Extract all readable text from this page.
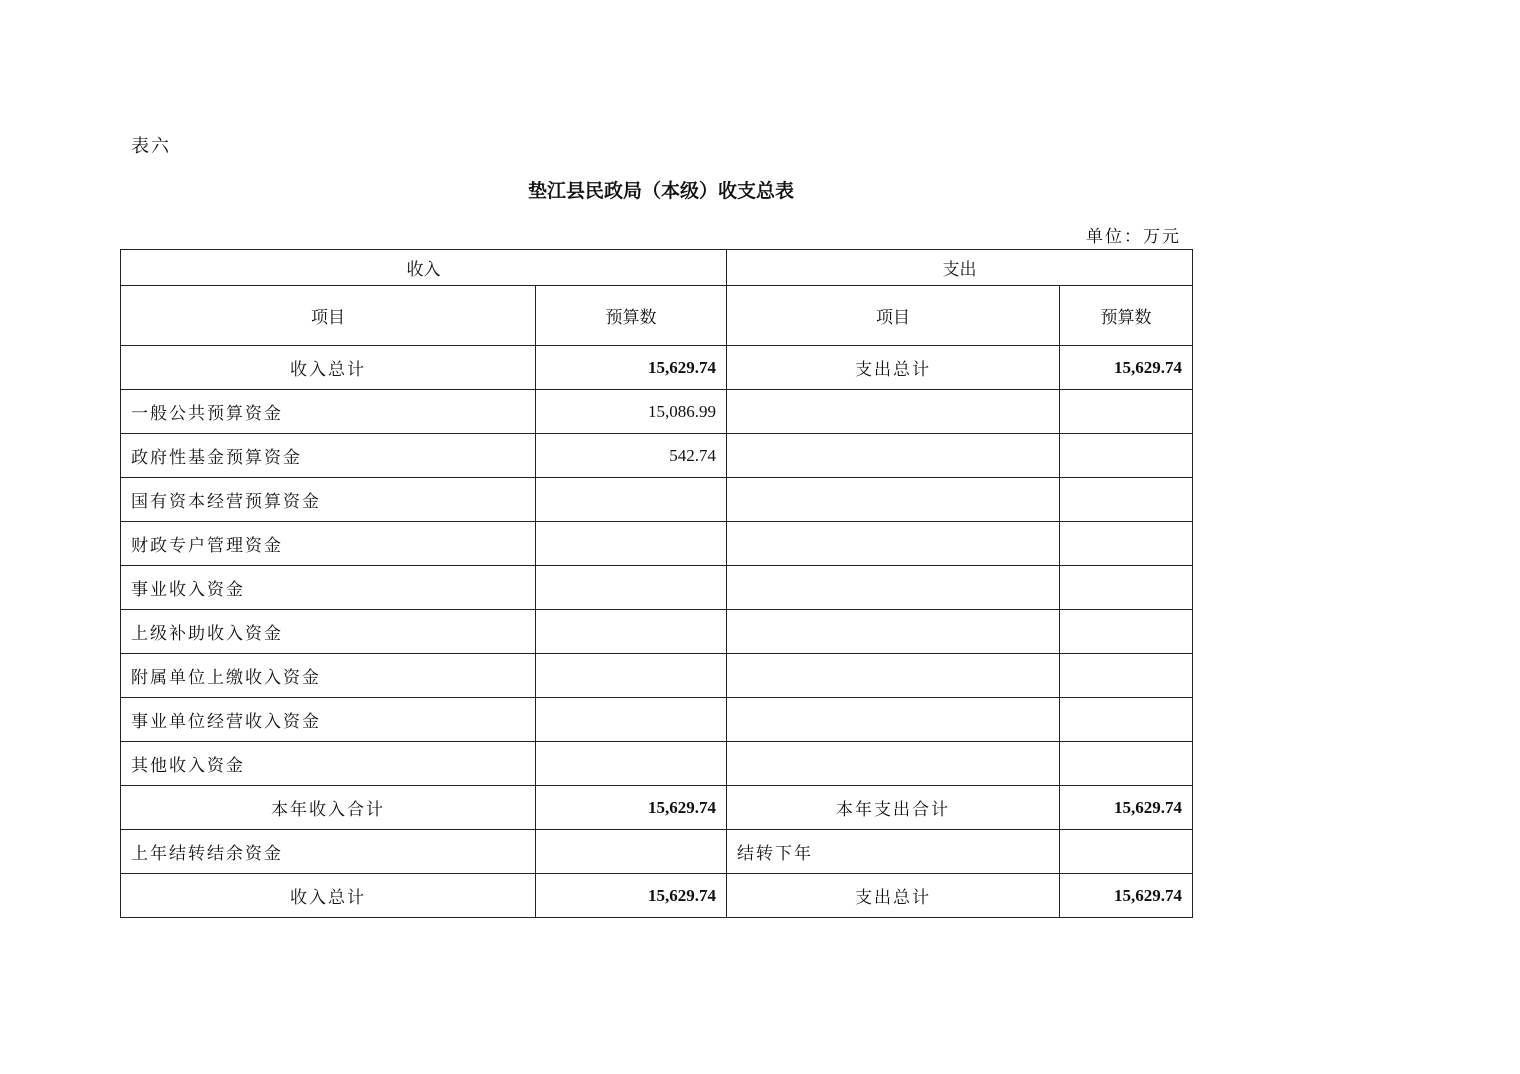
表六
垫江县民政局（本级）收支总表
单位：万元
收入		支出	
项目	预算数	项目	预算数
收入总计	15,629.74	支出总计	15,629.74
一般公共预算资金	15,086.99		
政府性基金预算资金	542.74		
国有资本经营预算资金			
财政专户管理资金			
事业收入资金			
上级补助收入资金			
附属单位上缴收入资金			
事业单位经营收入资金			
其他收入资金			
本年收入合计	15,629.74	本年支出合计	15,629.74
上年结转结余资金		结转下年	
收入总计	15,629.74	支出总计	15,629.74
